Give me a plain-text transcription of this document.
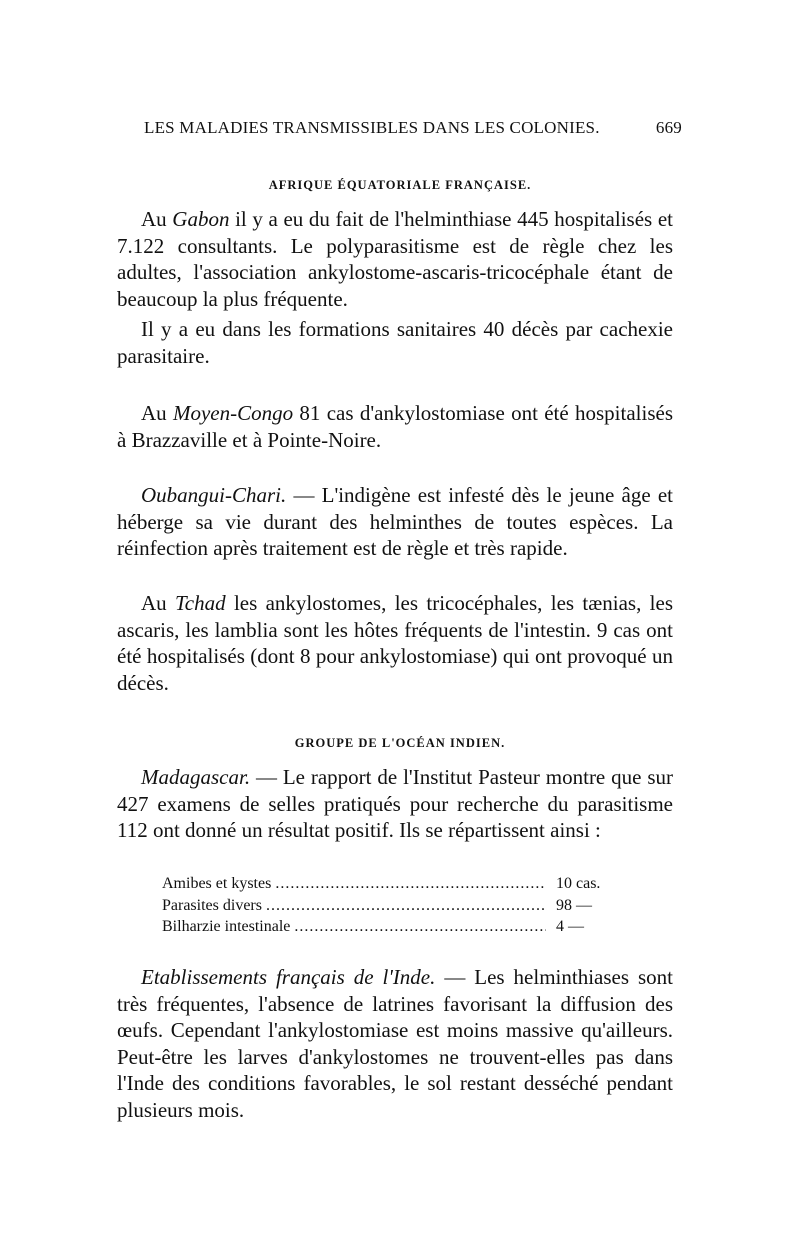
LES MALADIES TRANSMISSIBLES DANS LES COLONIES.	669
AFRIQUE ÉQUATORIALE FRANÇAISE.

Au Gabon il y a eu du fait de l'helminthiase 445 hospitalisés et 7.122 consultants. Le polyparasitisme est de règle chez les adultes, l'association ankylostome-ascaris-tricocéphale étant de beaucoup la plus fréquente.

Il y a eu dans les formations sanitaires 40 décès par cachexie parasitaire.

Au Moyen-Congo 81 cas d'ankylostomiase ont été hospitalisés à Brazzaville et à Pointe-Noire.

Oubangui-Chari. — L'indigène est infesté dès le jeune âge et héberge sa vie durant des helminthes de toutes espèces. La réinfection après traitement est de règle et très rapide.

Au Tchad les ankylostomes, les tricocéphales, les tænias, les ascaris, les lamblia sont les hôtes fréquents de l'intestin. 9 cas ont été hospitalisés (dont 8 pour ankylostomiase) qui ont provoqué un décès.

GROUPE DE L'OCÉAN INDIEN.

Madagascar. — Le rapport de l'Institut Pasteur montre que sur 427 examens de selles pratiqués pour recherche du parasitisme 112 ont donné un résultat positif. Ils se répartissent ainsi :

Amibes et kystes .....	10 cas.
Parasites divers .....	98 —
Bilharzie intestinale .....	4 —

Etablissements français de l'Inde. — Les helminthiases sont très fréquentes, l'absence de latrines favorisant la diffusion des œufs. Cependant l'ankylostomiase est moins massive qu'ailleurs. Peut-être les larves d'ankylostomes ne trouvent-elles pas dans l'Inde des conditions favorables, le sol restant desséché pendant plusieurs mois.
